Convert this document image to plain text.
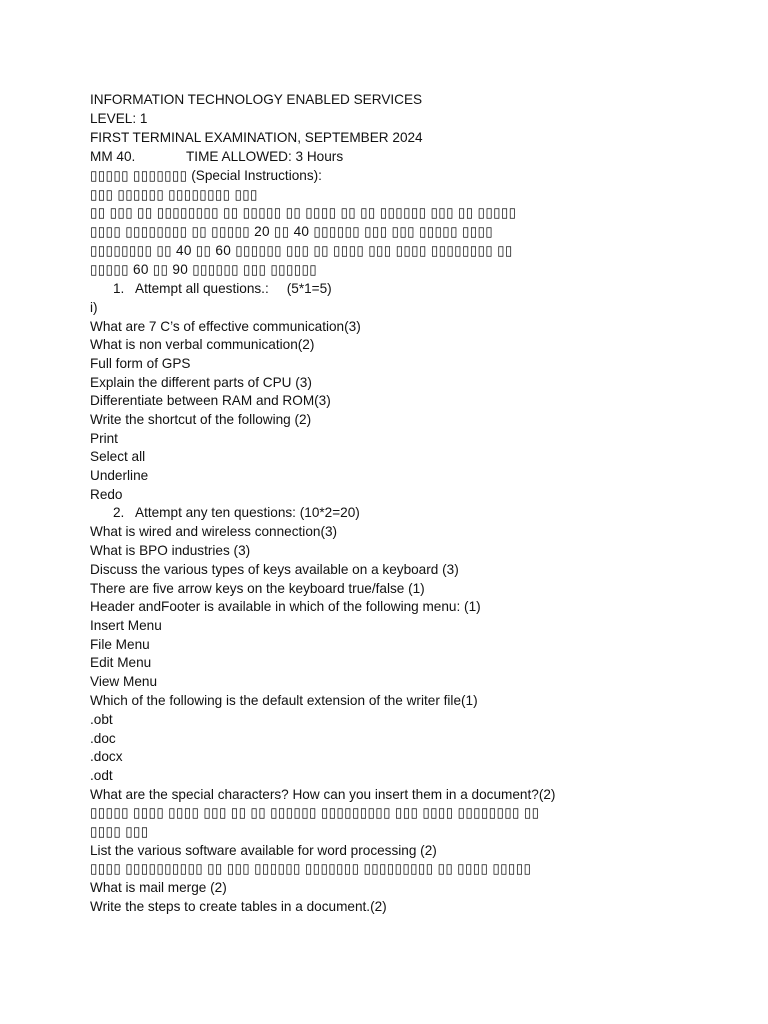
INFORMATION TECHNOLOGY ENABLED SERVICES

LEVEL: 1

FIRST TERMINAL EXAMINATION, SEPTEMBER 2024

MM 40.	TIME ALLOWED: 3 Hours

▯▯▯▯▯ ▯▯▯▯▯▯▯ (Special Instructions):

▯▯▯ ▯▯▯▯▯▯ ▯▯▯▯▯▯▯▯ ▯▯▯

▯▯ ▯▯▯ ▯▯ ▯▯▯▯▯▯▯▯ ▯▯ ▯▯▯▯▯ ▯▯ ▯▯▯▯ ▯▯ ▯▯ ▯▯▯▯▯▯ ▯▯▯ ▯▯ ▯▯▯▯▯

▯▯▯▯ ▯▯▯▯▯▯▯▯ ▯▯ ▯▯▯▯▯ 20 ▯▯ 40 ▯▯▯▯▯▯ ▯▯▯ ▯▯▯ ▯▯▯▯▯ ▯▯▯▯

▯▯▯▯▯▯▯▯ ▯▯ 40 ▯▯ 60 ▯▯▯▯▯▯ ▯▯▯ ▯▯ ▯▯▯▯ ▯▯▯ ▯▯▯▯ ▯▯▯▯▯▯▯▯ ▯▯

▯▯▯▯▯ 60 ▯▯ 90 ▯▯▯▯▯▯ ▯▯▯ ▯▯▯▯▯▯

1. Attempt all questions.: (5*1=5)

i)

What are 7 C’s of effective communication(3)

What is non verbal communication(2)

Full form of GPS

Explain the different parts of CPU (3)

Differentiate between RAM and ROM(3)

Write the shortcut of the following (2)

Print

Select all

Underline

Redo

2. Attempt any ten questions: (10*2=20)

What is wired and wireless connection(3)

What is BPO industries (3)

Discuss the various types of keys available on a keyboard (3)

There are five arrow keys on the keyboard true/false (1)

Header andFooter is available in which of the following menu: (1)

Insert Menu

File Menu

Edit Menu

View Menu

Which of the following is the default extension of the writer file(1)

.obt

.doc

.docx

.odt

What are the special characters? How can you insert them in a document?(2)

▯▯▯▯▯ ▯▯▯▯ ▯▯▯▯ ▯▯▯ ▯▯ ▯▯ ▯▯▯▯▯▯ ▯▯▯▯▯▯▯▯▯ ▯▯▯ ▯▯▯▯ ▯▯▯▯▯▯▯▯ ▯▯

▯▯▯▯ ▯▯▯

List the various software available for word processing (2)

▯▯▯▯ ▯▯▯▯▯▯▯▯▯▯ ▯▯ ▯▯▯ ▯▯▯▯▯▯ ▯▯▯▯▯▯▯ ▯▯▯▯▯▯▯▯▯ ▯▯ ▯▯▯▯ ▯▯▯▯▯

What is mail merge (2)

Write the steps to create tables in a document.(2)
